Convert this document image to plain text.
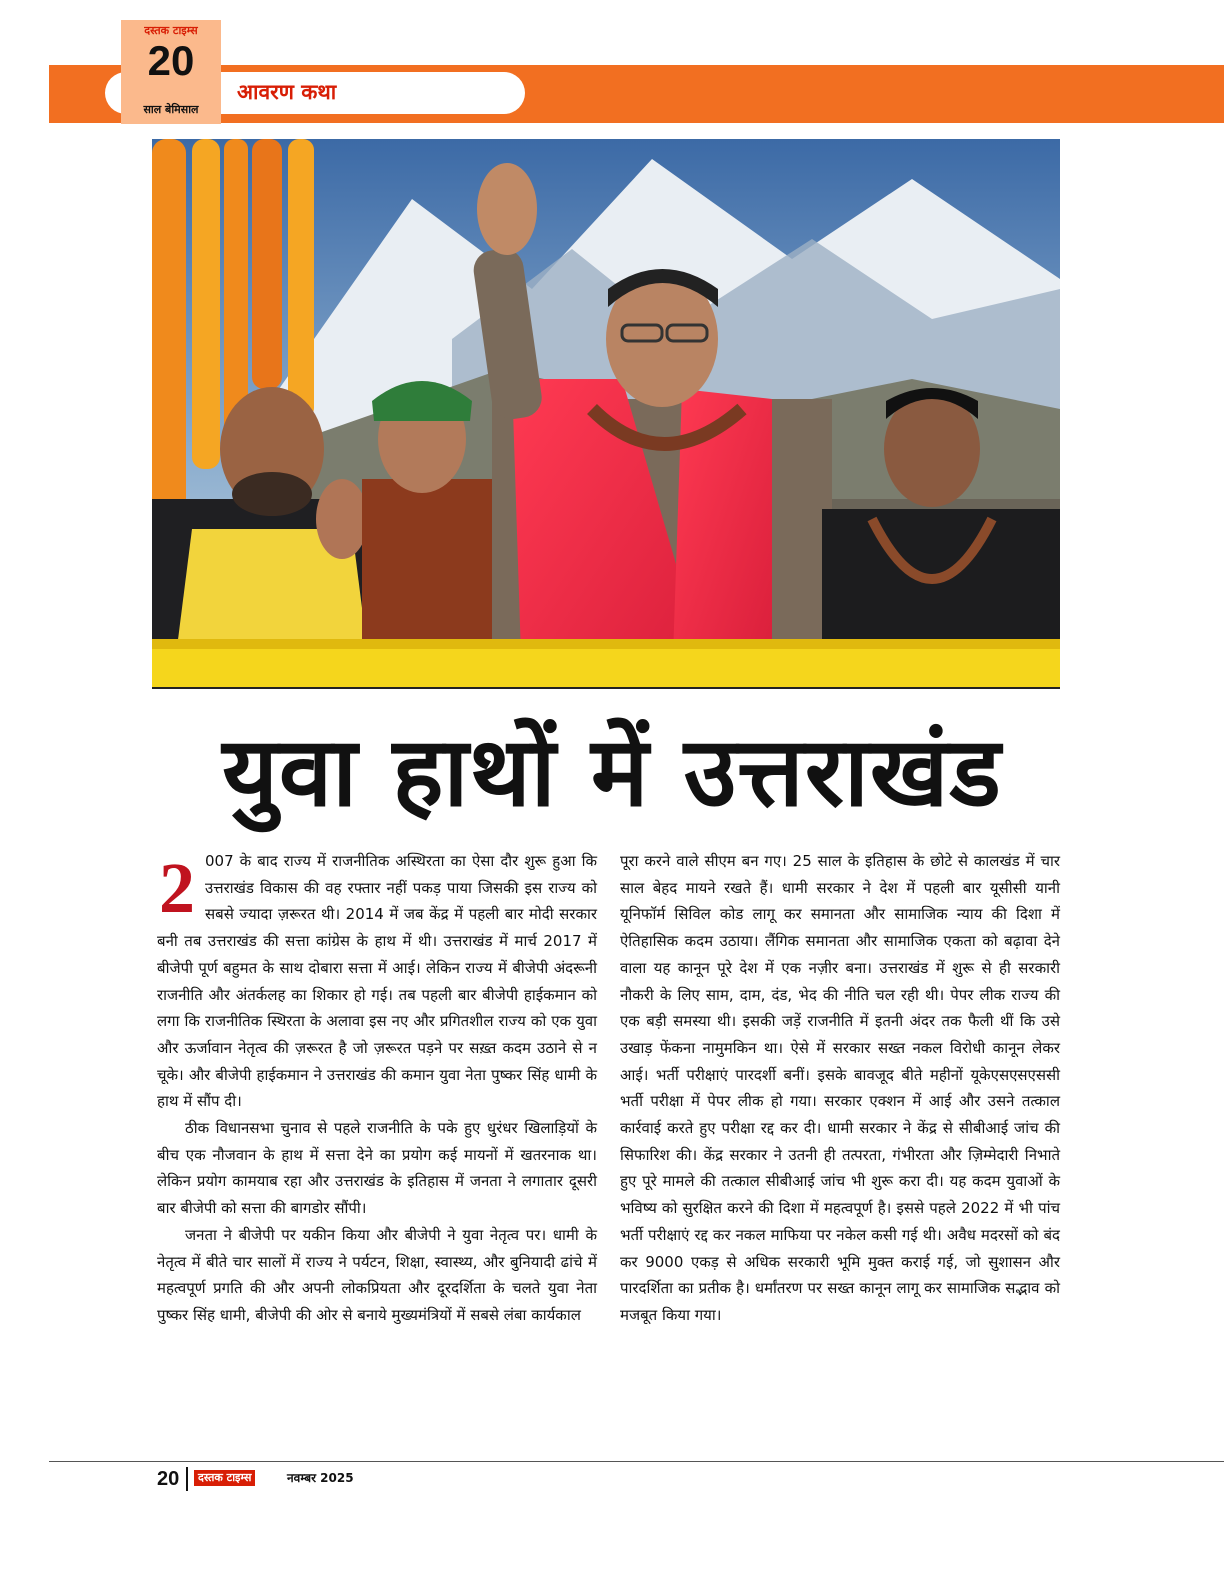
आवरण कथा
दस्तक टाइम्स
20
साल बेमिसाल
युवा हाथों में उत्तराखंड
2 007 के बाद राज्य में राजनीतिक अस्थिरता का ऐसा दौर शुरू हुआ कि उत्तराखंड विकास की वह रफ्तार नहीं पकड़ पाया जिसकी इस राज्य को सबसे ज्यादा ज़रूरत थी। 2014 में जब केंद्र में पहली बार मोदी सरकार बनी तब उत्तराखंड की सत्ता कांग्रेस के हाथ में थी। उत्तराखंड में मार्च 2017 में बीजेपी पूर्ण बहुमत के साथ दोबारा सत्ता में आई। लेकिन राज्य में बीजेपी अंदरूनी राजनीति और अंतर्कलह का शिकार हो गई। तब पहली बार बीजेपी हाईकमान को लगा कि राजनीतिक स्थिरता के अलावा इस नए और प्रगितशील राज्य को एक युवा और ऊर्जावान नेतृत्व की ज़रूरत है जो ज़रूरत पड़ने पर सख़्त कदम उठाने से न चूके। और बीजेपी हाईकमान ने उत्तराखंड की कमान युवा नेता पुष्कर सिंह धामी के हाथ में सौंप दी।

ठीक विधानसभा चुनाव से पहले राजनीति के पके हुए धुरंधर खिलाड़ियों के बीच एक नौजवान के हाथ में सत्ता देने का प्रयोग कई मायनों में खतरनाक था। लेकिन प्रयोग कामयाब रहा और उत्तराखंड के इतिहास में जनता ने लगातार दूसरी बार बीजेपी को सत्ता की बागडोर सौंपी।

जनता ने बीजेपी पर यकीन किया और बीजेपी ने युवा नेतृत्व पर। धामी के नेतृत्व में बीते चार सालों में राज्य ने पर्यटन, शिक्षा, स्वास्थ्य, और बुनियादी ढांचे में महत्वपूर्ण प्रगति की और अपनी लोकप्रियता और दूरदर्शिता के चलते युवा नेता पुष्कर सिंह धामी, बीजेपी की ओर से बनाये मुख्यमंत्रियों में सबसे लंबा कार्यकाल

पूरा करने वाले सीएम बन गए। 25 साल के इतिहास के छोटे से कालखंड में चार साल बेहद मायने रखते हैं। धामी सरकार ने देश में पहली बार यूसीसी यानी यूनिफॉर्म सिविल कोड लागू कर समानता और सामाजिक न्याय की दिशा में ऐतिहासिक कदम उठाया। लैंगिक समानता और सामाजिक एकता को बढ़ावा देने वाला यह कानून पूरे देश में एक नज़ीर बना। उत्तराखंड में शुरू से ही सरकारी नौकरी के लिए साम, दाम, दंड, भेद की नीति चल रही थी। पेपर लीक राज्य की एक बड़ी समस्या थी। इसकी जड़ें राजनीति में इतनी अंदर तक फैली थीं कि उसे उखाड़ फेंकना नामुमकिन था। ऐसे में सरकार सख्त नकल विरोधी कानून लेकर आई। भर्ती परीक्षाएं पारदर्शी बनीं। इसके बावजूद बीते महीनों यूकेएसएसएससी भर्ती परीक्षा में पेपर लीक हो गया। सरकार एक्शन में आई और उसने तत्काल कार्रवाई करते हुए परीक्षा रद्द कर दी। धामी सरकार ने केंद्र से सीबीआई जांच की सिफारिश की। केंद्र सरकार ने उतनी ही तत्परता, गंभीरता और ज़िम्मेदारी निभाते हुए पूरे मामले की तत्काल सीबीआई जांच भी शुरू करा दी। यह कदम युवाओं के भविष्य को सुरक्षित करने की दिशा में महत्वपूर्ण है। इससे पहले 2022 में भी पांच भर्ती परीक्षाएं रद्द कर नकल माफिया पर नकेल कसी गई थी। अवैध मदरसों को बंद कर 9000 एकड़ से अधिक सरकारी भूमि मुक्त कराई गई, जो सुशासन और पारदर्शिता का प्रतीक है। धर्मांतरण पर सख्त कानून लागू कर सामाजिक सद्भाव को मजबूत किया गया।

20	दस्तक टाइम्स	नवम्बर 2025
